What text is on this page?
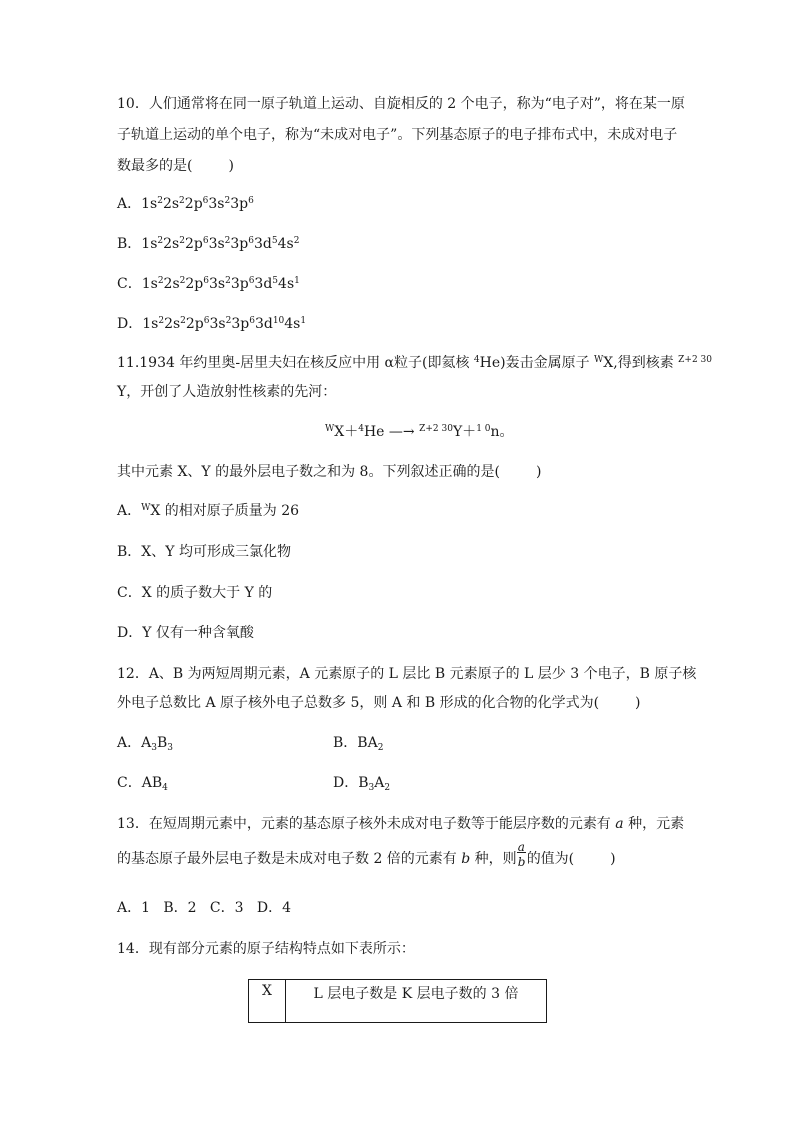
10．人们通常将在同一原子轨道上运动、自旋相反的 2 个电子，称为“电子对”，将在某一原
子轨道上运动的单个电子，称为“未成对电子”。下列基态原子的电子排布式中，未成对电子
数最多的是(	)
A．$1s^22s^22p^63s^23p^6$
B．$1s^22s^22p^63s^23p^63d^54s^2$
C．$1s^22s^22p^63s^23p^63d^54s^1$
D．$1s^22s^22p^63s^23p^63d^{10}4s^1$
11.1934 年约里奥-居里夫妇在核反应中用 α粒子(即氦核 $^4$He)轰击金属原子 $^W$X,得到核素 $^{Z+2 30}$
Y，开创了人造放射性核素的先河：
$^W$X＋$^4$He —→ $^{Z+2 30}$Y＋$^{1 0}$n。
其中元素 X、Y 的最外层电子数之和为 8。下列叙述正确的是(	)
A．$^W$X 的相对原子质量为 26
B．X、Y 均可形成三氯化物
C．X 的质子数大于 Y 的
D．Y 仅有一种含氧酸
12．A、B 为两短周期元素，A 元素原子的 L 层比 B 元素原子的 L 层少 3 个电子，B 原子核
外电子总数比 A 原子核外电子总数多 5，则 A 和 B 形成的化合物的化学式为(	)
A．$A_3B_3$	B．$BA_2$
C．$AB_4$	D．$B_3A_2$
13．在短周期元素中，元素的基态原子核外未成对电子数等于能层序数的元素有 a 种，元素
的基态原子最外层电子数是未成对电子数 2 倍的元素有 b 种，则 $\frac{a}{b}$ 的值为(	)
A．1   B．2   C．3   D．4
14．现有部分元素的原子结构特点如下表所示：
X	L 层电子数是 K 层电子数的 3 倍
